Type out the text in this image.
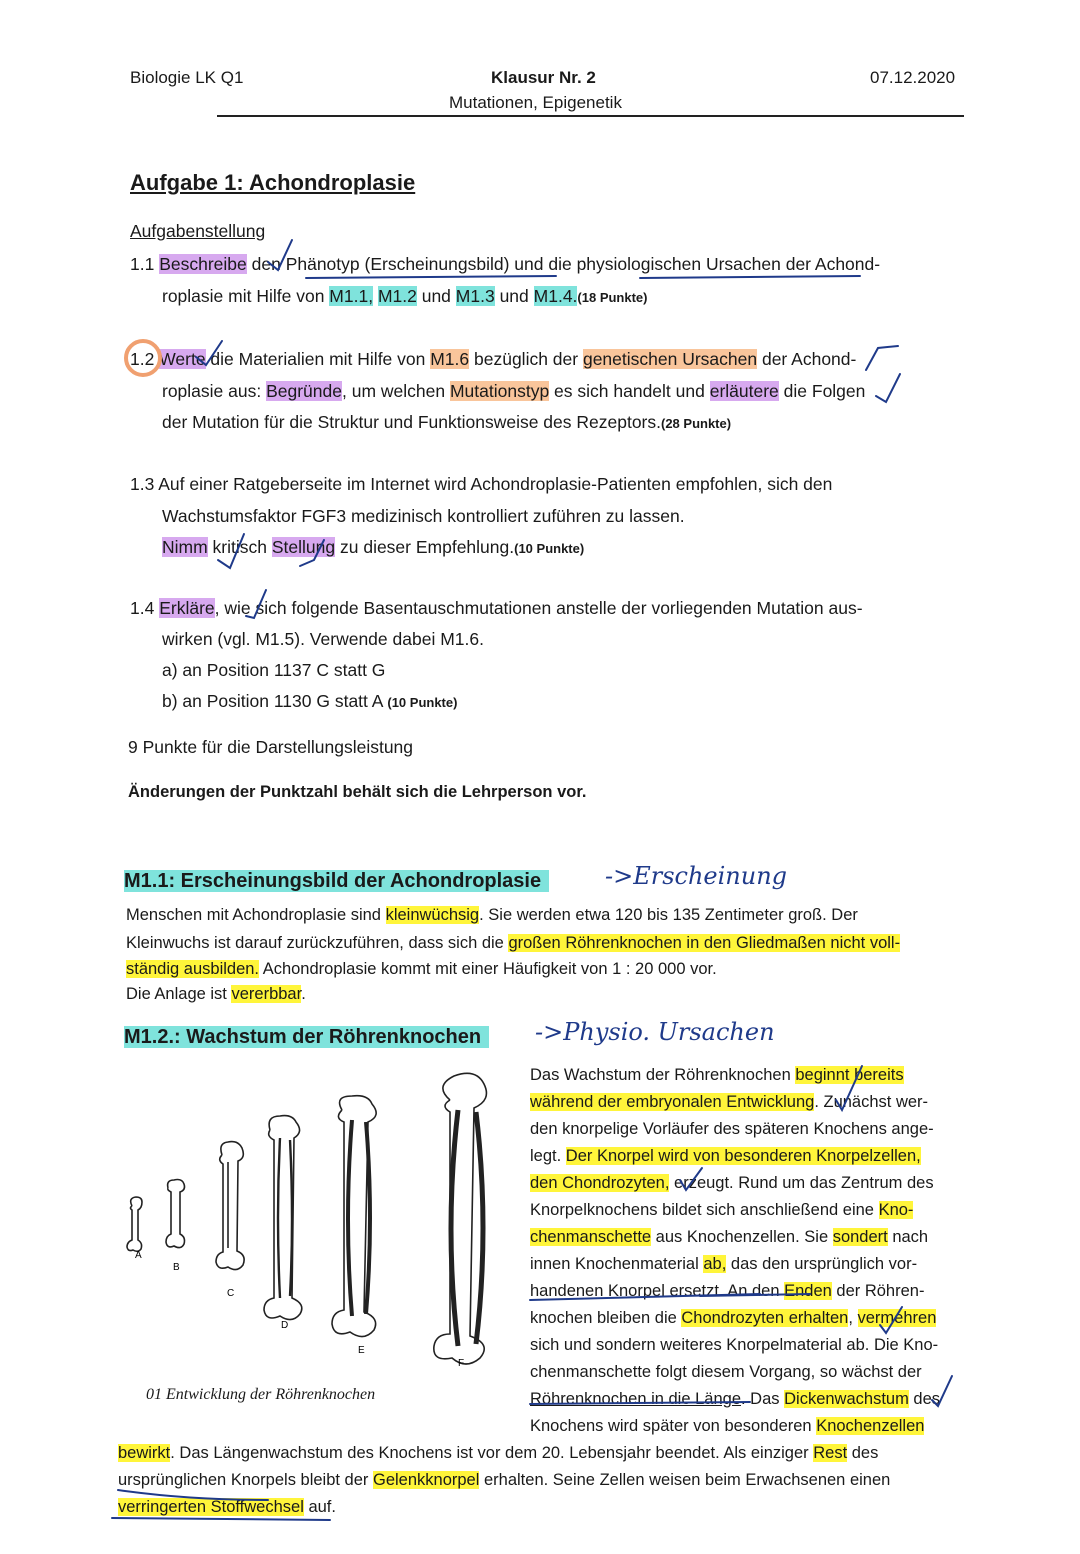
Biologie LK Q1	Klausur Nr. 2
Mutationen, Epigenetik
07.12.2020
Aufgabe 1: Achondroplasie
Aufgabenstellung
1.1 Beschreibe den Phänotyp (Erscheinungsbild) und die physiologischen Ursachen der Achond-
roplasie mit Hilfe von M1.1, M1.2 und M1.3 und M1.4.(18 Punkte)
1.2 Werte die Materialien mit Hilfe von M1.6 bezüglich der genetischen Ursachen der Achond-
roplasie aus: Begründe, um welchen Mutationstyp es sich handelt und erläutere die Folgen
der Mutation für die Struktur und Funktionsweise des Rezeptors.(28 Punkte)
1.3 Auf einer Ratgeberseite im Internet wird Achondroplasie-Patienten empfohlen, sich den
Wachstumsfaktor FGF3 medizinisch kontrolliert zuführen zu lassen.
Nimm kritisch Stellung zu dieser Empfehlung.(10 Punkte)
1.4 Erkläre, wie sich folgende Basentauschmutationen anstelle der vorliegenden Mutation aus-
wirken (vgl. M1.5). Verwende dabei M1.6.
a) an Position 1137 C statt G
b) an Position 1130 G statt A (10 Punkte)
9 Punkte für die Darstellungsleistung
Änderungen der Punktzahl behält sich die Lehrperson vor.
M1.1: Erscheinungsbild der Achondroplasie	->Erscheinung
Menschen mit Achondroplasie sind kleinwüchsig. Sie werden etwa 120 bis 135 Zentimeter groß. Der
Kleinwuchs ist darauf zurückzuführen, dass sich die großen Röhrenknochen in den Gliedmaßen nicht voll-
ständig ausbilden. Achondroplasie kommt mit einer Häufigkeit von 1 : 20 000 vor.
Die Anlage ist vererbbar.
M1.2.: Wachstum der Röhrenknochen	->Physio. Ursachen
A
B
C
D
E
F
01 Entwicklung der Röhrenknochen
Das Wachstum der Röhrenknochen beginnt bereits
während der embryonalen Entwicklung. Zunächst wer-
den knorpelige Vorläufer des späteren Knochens ange-
legt. Der Knorpel wird von besonderen Knorpelzellen,
den Chondrozyten, erzeugt. Rund um das Zentrum des
Knorpelknochens bildet sich anschließend eine Kno-
chenmanschette aus Knochenzellen. Sie sondert nach
innen Knochenmaterial ab, das den ursprünglich vor-
handenen Knorpel ersetzt. An den Enden der Röhren-
knochen bleiben die Chondrozyten erhalten, vermehren
sich und sondern weiteres Knorpelmaterial ab. Die Kno-
chenmanschette folgt diesem Vorgang, so wächst der
Röhrenknochen in die Länge. Das Dickenwachstum des
Knochens wird später von besonderen Knochenzellen
bewirkt. Das Längenwachstum des Knochens ist vor dem 20. Lebensjahr beendet. Als einziger Rest des
ursprünglichen Knorpels bleibt der Gelenkknorpel erhalten. Seine Zellen weisen beim Erwachsenen einen
verringerten Stoffwechsel auf.
